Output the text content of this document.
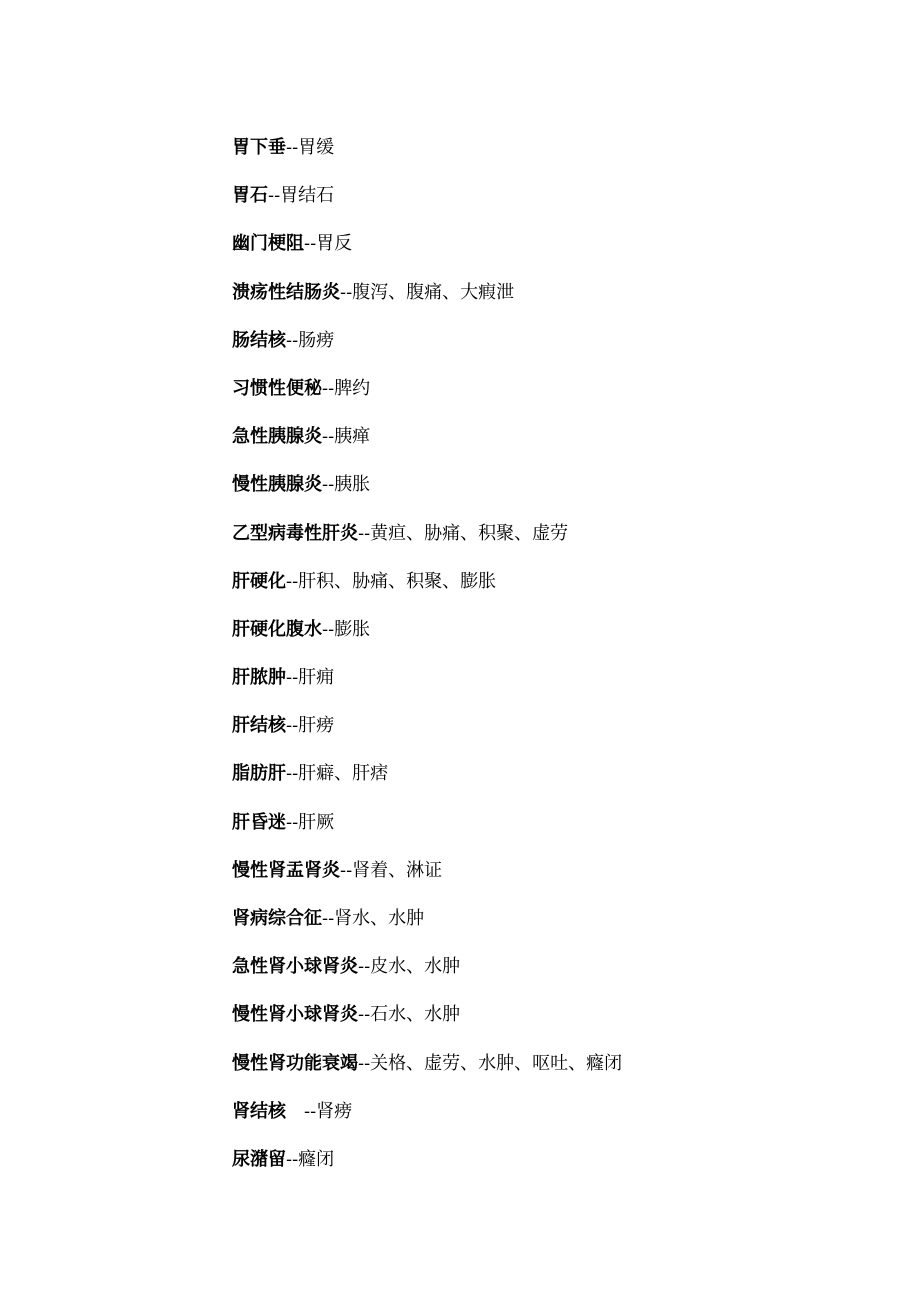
胃下垂--胃缓
胃石--胃结石
幽门梗阻--胃反
溃疡性结肠炎--腹泻、腹痛、大瘕泄
肠结核--肠痨
习惯性便秘--脾约
急性胰腺炎--胰瘅
慢性胰腺炎--胰胀
乙型病毒性肝炎--黄疸、胁痛、积聚、虚劳
肝硬化--肝积、胁痛、积聚、膨胀
肝硬化腹水--膨胀
肝脓肿--肝痈
肝结核--肝痨
脂肪肝--肝癖、肝痞
肝昏迷--肝厥
慢性肾盂肾炎--肾着、淋证
肾病综合征--肾水、水肿
急性肾小球肾炎--皮水、水肿
慢性肾小球肾炎--石水、水肿
慢性肾功能衰竭--关格、虚劳、水肿、呕吐、癃闭
肾结核　--肾痨
尿潴留--癃闭
